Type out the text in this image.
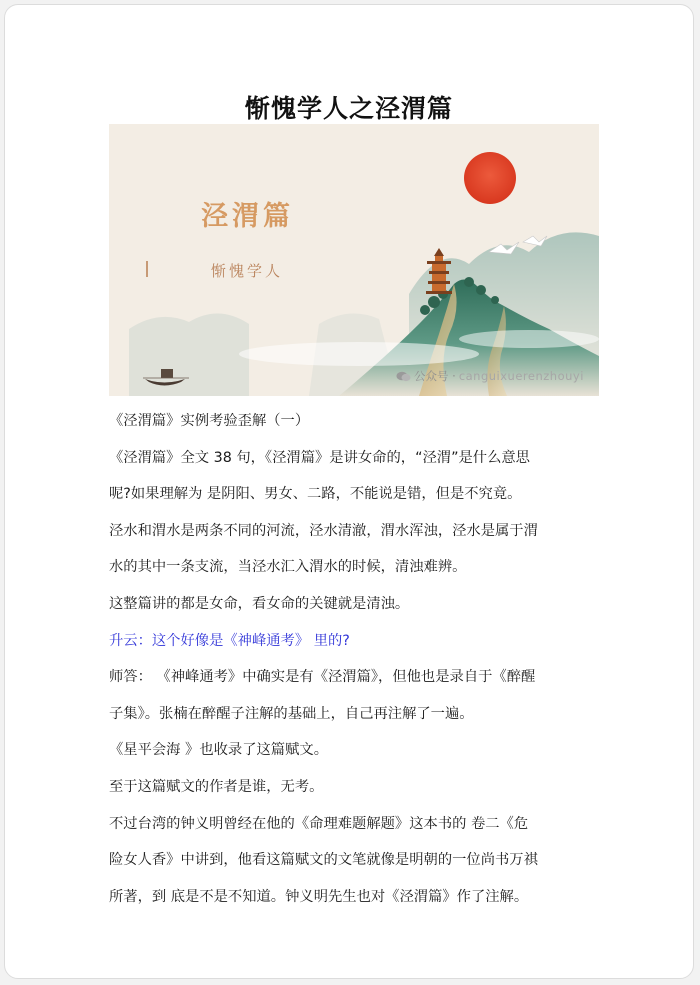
惭愧学人之泾渭篇
泾渭篇
惭愧学人
公众号 · canguixuerenzhouyi
《泾渭篇》实例考验歪解（一）
《泾渭篇》全文 38 句，《泾渭篇》是讲女命的，“泾渭”是什么意思
呢?如果理解为 是阴阳、男女、二路，不能说是错，但是不究竟。
泾水和渭水是两条不同的河流，泾水清澈，渭水浑浊，泾水是属于渭
水的其中一条支流，当泾水汇入渭水的时候，清浊难辨。
这整篇讲的都是女命，看女命的关键就是清浊。
升云：这个好像是《神峰通考》 里的?
师答： 《神峰通考》中确实是有《泾渭篇》，但他也是录自于《醉醒
子集》。张楠在醉醒子注解的基础上，自己再注解了一遍。
《星平会海 》也收录了这篇赋文。
至于这篇赋文的作者是谁，无考。
不过台湾的钟义明曾经在他的《命理难题解题》这本书的 卷二《危
险女人香》中讲到，他看这篇赋文的文笔就像是明朝的一位尚书万祺
所著，到 底是不是不知道。钟义明先生也对《泾渭篇》作了注解。
